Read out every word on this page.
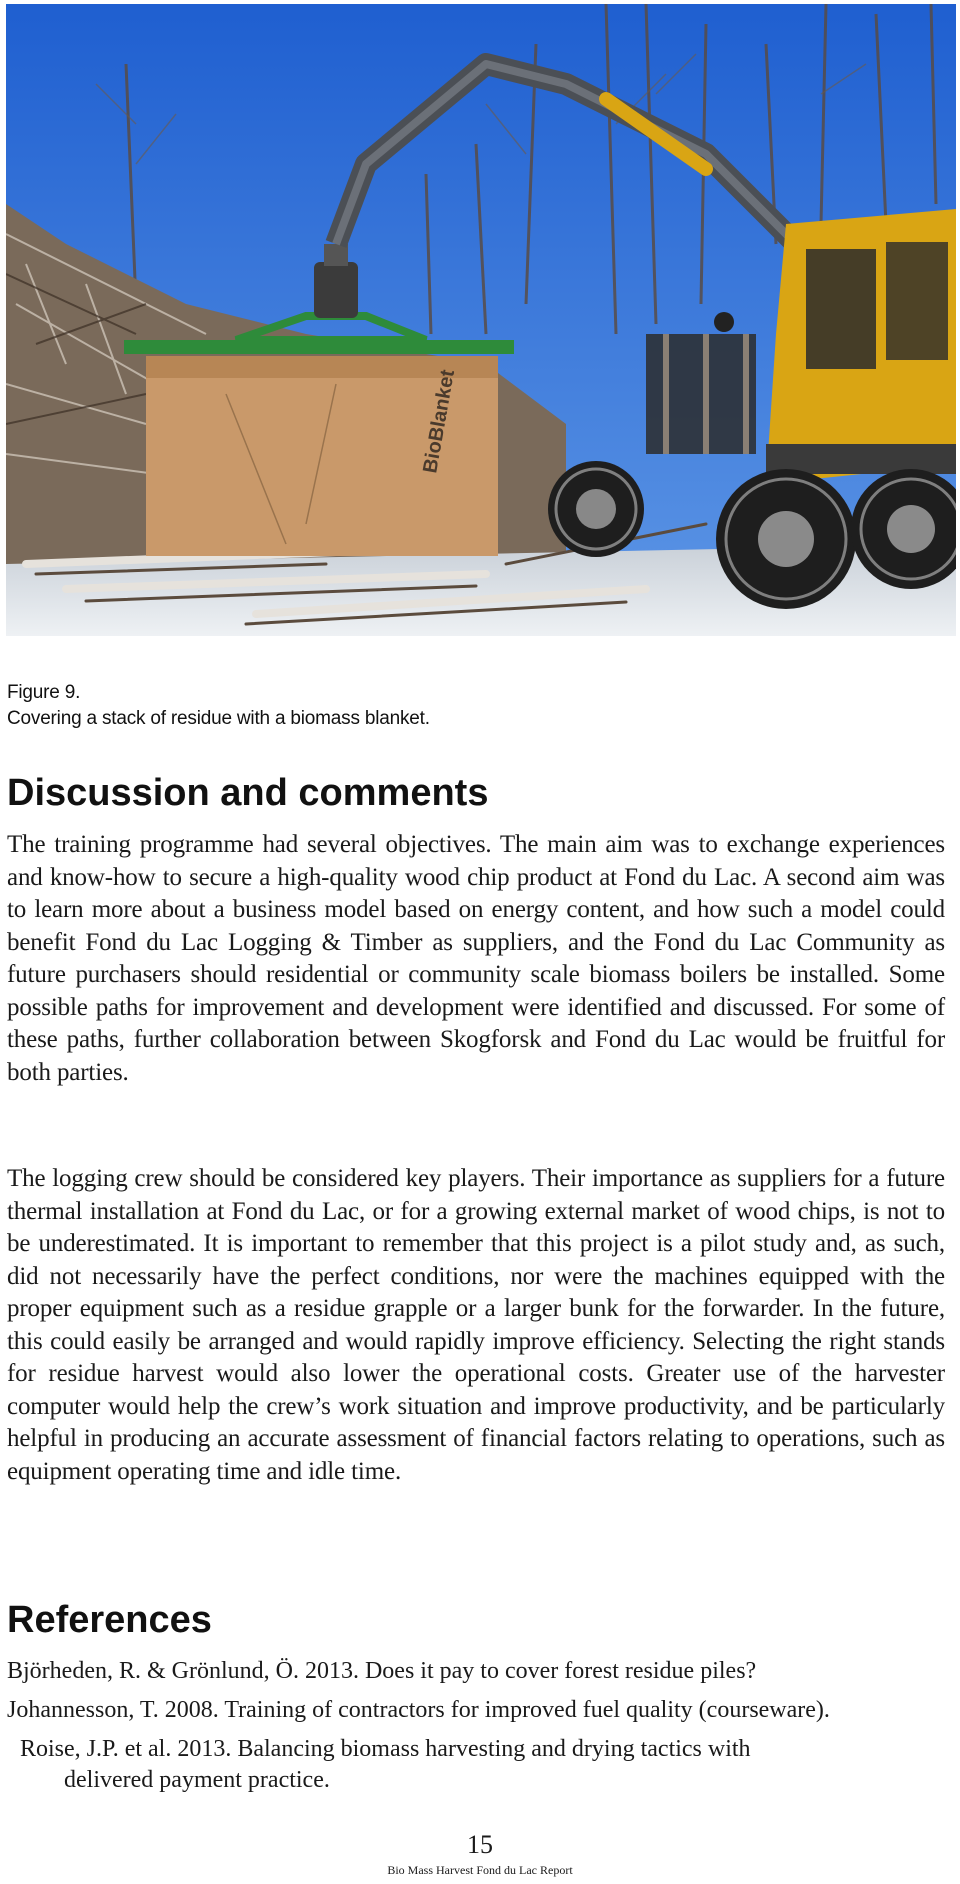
BioBlanket
Figure 9.
Covering a stack of residue with a biomass blanket.
Discussion and comments

The training programme had several objectives. The main aim was to exchange experiences and know-how to secure a high-quality wood chip product at Fond du Lac. A second aim was to learn more about a business model based on energy content, and how such a model could benefit Fond du Lac Logging & Timber as suppliers, and the Fond du Lac Community as future purchasers should residential or community scale biomass boilers be installed. Some possible paths for improvement and development were identified and discussed. For some of these paths, further collaboration between Skogforsk and Fond du Lac would be fruitful for both parties.

The logging crew should be considered key players. Their importance as suppliers for a future thermal installation at Fond du Lac, or for a growing external market of wood chips, is not to be underestimated. It is important to remember that this project is a pilot study and, as such, did not necessarily have the perfect conditions, nor were the machines equipped with the proper equipment such as a residue grapple or a larger bunk for the forwarder. In the future, this could easily be arranged and would rapidly improve efficiency. Selecting the right stands for residue harvest would also lower the operational costs. Greater use of the harvester computer would help the crew’s work situation and improve productivity, and be particularly helpful in producing an accurate assessment of financial factors relating to operations, such as equipment operating time and idle time.

References

Björheden, R. & Grönlund, Ö. 2013. Does it pay to cover forest residue piles?

Johannesson, T. 2008. Training of contractors for improved fuel quality (courseware).

Roise, J.P. et al. 2013. Balancing biomass harvesting and drying tactics with
delivered payment practice.

15
Bio Mass Harvest Fond du Lac Report
